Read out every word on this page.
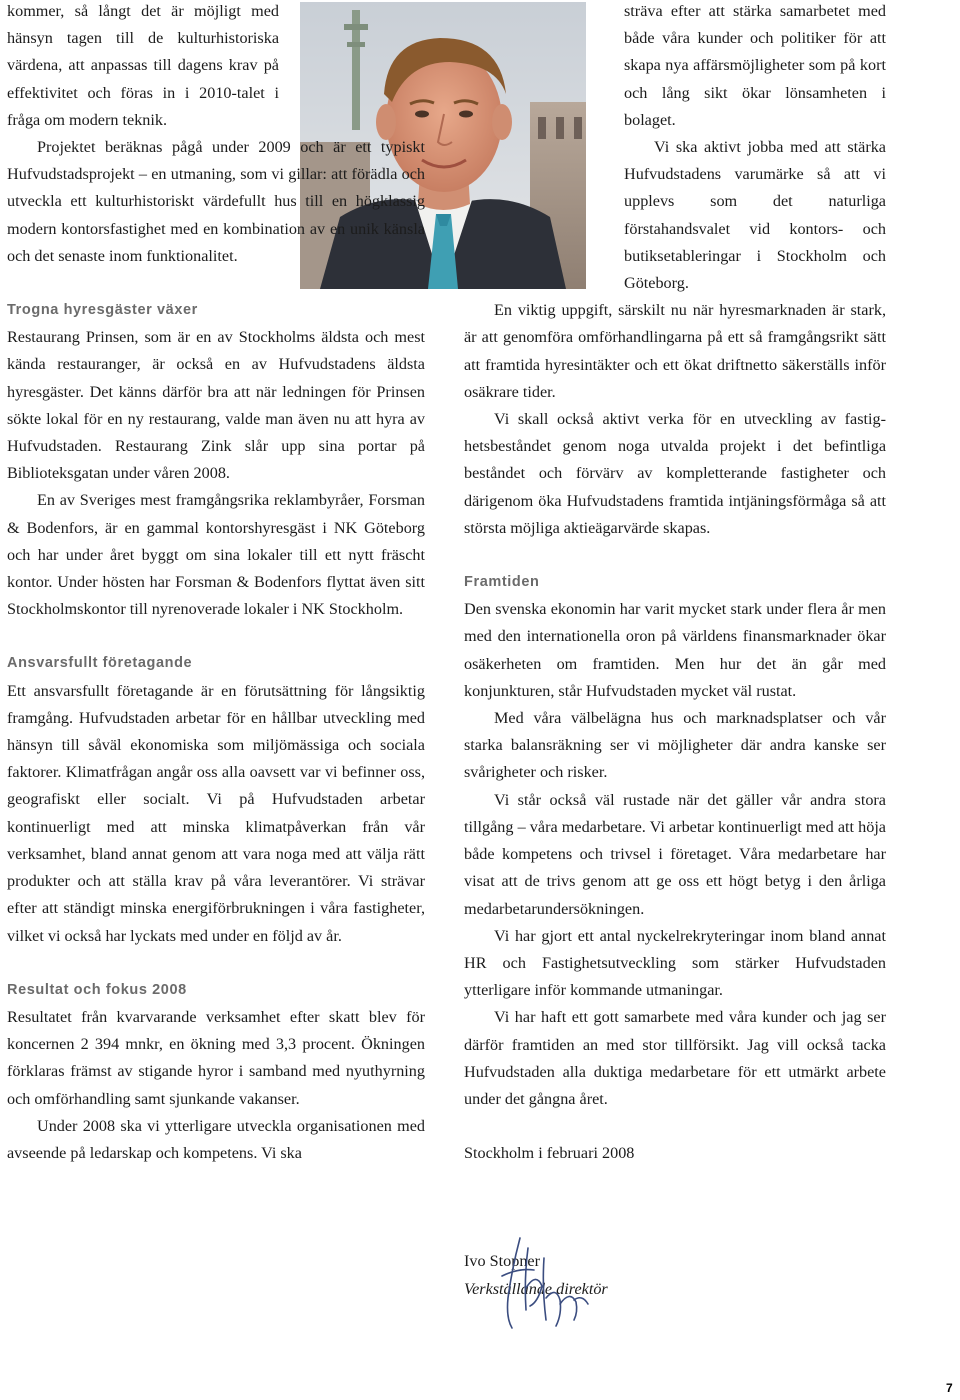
kommer, så långt det är möjligt med hänsyn tagen till de kulturhistoriska värdena, att anpassas till dagens krav på effektivitet och föras in i 2010-talet i fråga om modern teknik.

Projektet beräknas pågå under 2009 och är ett typiskt Hufvudstadsprojekt – en utmaning, som vi gillar: att förädla och utveckla ett kulturhistoriskt värdefullt hus till en högklassig modern kontorsfastighet med en kombination av en unik känsla och det senaste inom funktionalitet.

Trogna hyresgäster växer

Restaurang Prinsen, som är en av Stockholms äldsta och mest kända restauranger, är också en av Hufvudstadens äldsta hyresgäster. Det känns därför bra att när ledningen för Prinsen sökte lokal för en ny restaurang, valde man även nu att hyra av Hufvudstaden. Restaurang Zink slår upp sina portar på Biblioteksgatan under våren 2008.

En av Sveriges mest framgångsrika reklambyråer, Forsman & Bodenfors, är en gammal kontorshyresgäst i NK Göteborg och har under året byggt om sina lokaler till ett nytt fräscht kontor. Under hösten har Forsman & Bodenfors flyttat även sitt Stockholmskontor till nyrenoverade lokaler i NK Stockholm.

Ansvarsfullt företagande

Ett ansvarsfullt företagande är en förutsättning för långsiktig framgång. Hufvudstaden arbetar för en hållbar utveckling med hänsyn till såväl ekonomiska som miljömässiga och sociala faktorer. Klimatfrågan angår oss alla oavsett var vi befinner oss, geografiskt eller socialt. Vi på Hufvudstaden arbetar kontinuerligt med att minska klimatpåverkan från vår verksamhet, bland annat genom att vara noga med att välja rätt produkter och att ställa krav på våra leverantörer. Vi strävar efter att ständigt minska energiförbrukningen i våra fastigheter, vilket vi också har lyckats med under en följd av år.

Resultat och fokus 2008

Resultatet från kvarvarande verksamhet efter skatt blev för koncernen 2 394 mnkr, en ökning med 3,3 procent. Ökningen förklaras främst av stigande hyror i samband med nyuthyrning och omförhandling samt sjunkande vakanser.

Under 2008 ska vi ytterligare utveckla organisationen med avseende på ledarskap och kompetens. Vi ska

sträva efter att stärka samarbetet med både våra kunder och politiker för att skapa nya affärsmöjligheter som på kort och lång sikt ökar lönsamheten i bolaget.

Vi ska aktivt jobba med att stärka Hufvudstadens varumärke så att vi upplevs som det naturliga förstahandsvalet vid kontors- och butiksetableringar i Stockholm och Göteborg.

En viktig uppgift, särskilt nu när hyresmarknaden är stark, är att genomföra omförhandlingarna på ett så framgångsrikt sätt att framtida hyresintäkter och ett ökat driftnetto säkerställs inför osäkrare tider.

Vi skall också aktivt verka för en utveckling av fastighetsbeståndet genom noga utvalda projekt i det befintliga beståndet och förvärv av kompletterande fastigheter och därigenom öka Hufvudstadens framtida intjäningsförmåga så att största möjliga aktieägarvärde skapas.

Framtiden

Den svenska ekonomin har varit mycket stark under flera år men med den internationella oron på världens finansmarknader ökar osäkerheten om framtiden. Men hur det än går med konjunkturen, står Hufvudstaden mycket väl rustat.

Med våra välbelägna hus och marknadsplatser och vår starka balansräkning ser vi möjligheter där andra kanske ser svårigheter och risker.

Vi står också väl rustade när det gäller vår andra stora tillgång – våra medarbetare. Vi arbetar kontinuerligt med att höja både kompetens och trivsel i företaget. Våra medarbetare har visat att de trivs genom att ge oss ett högt betyg i den årliga medarbetarundersökningen.

Vi har gjort ett antal nyckelrekryteringar inom bland annat HR och Fastighetsutveckling som stärker Hufvudstaden ytterligare inför kommande utmaningar.

Vi har haft ett gott samarbete med våra kunder och jag ser därför framtiden an med stor tillförsikt. Jag vill också tacka Hufvudstaden alla duktiga medarbetare för ett utmärkt arbete under det gångna året.

Stockholm i februari 2008

Ivo Stopner

Verkställande direktör

7
